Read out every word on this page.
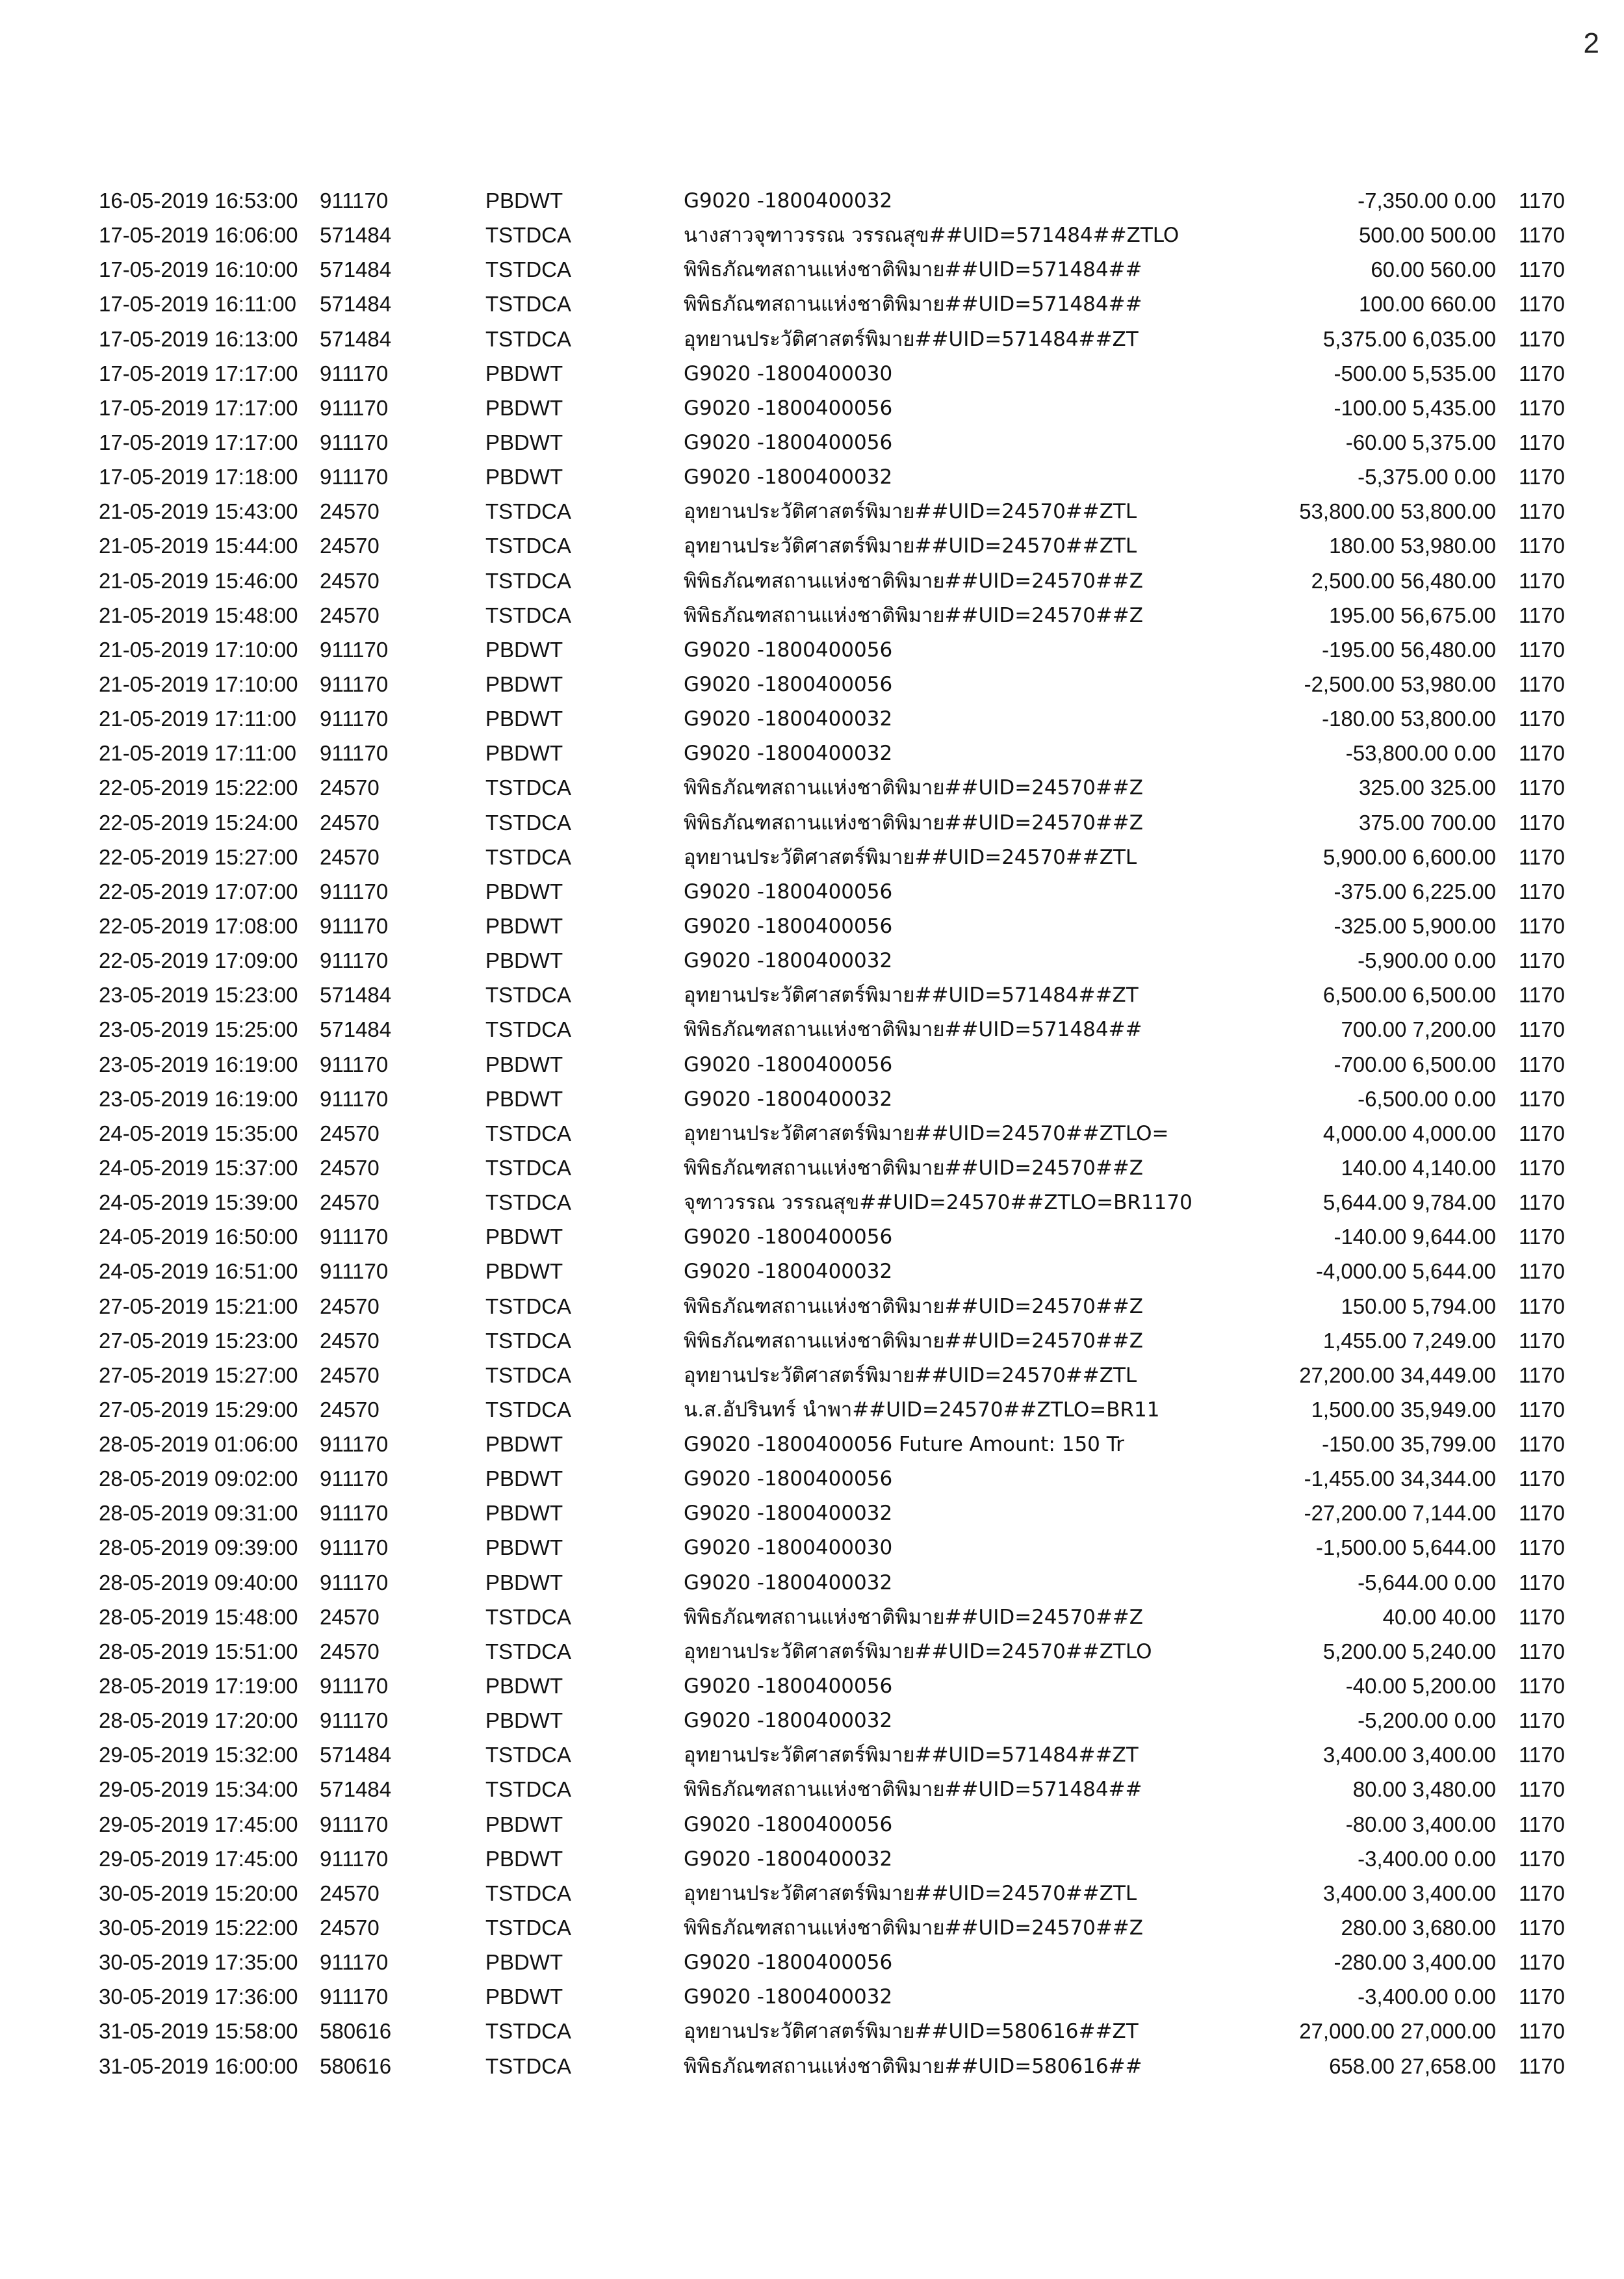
2
16-05-2019 16:53:00	911170	PBDWT	G9020 -1800400032	-7,350.00 0.00 1170
17-05-2019 16:06:00	571484	TSTDCA	นางสาวจุฑาวรรณ วรรณสุข##UID=571484##ZTLO	500.00 500.00 1170
17-05-2019 16:10:00	571484	TSTDCA	พิพิธภัณฑสถานแห่งชาติพิมาย##UID=571484##	60.00 560.00 1170
17-05-2019 16:11:00	571484	TSTDCA	พิพิธภัณฑสถานแห่งชาติพิมาย##UID=571484##	100.00 660.00 1170
17-05-2019 16:13:00	571484	TSTDCA	อุทยานประวัติศาสตร์พิมาย##UID=571484##ZT	5,375.00 6,035.00 1170
17-05-2019 17:17:00	911170	PBDWT	G9020 -1800400030	-500.00 5,535.00 1170
17-05-2019 17:17:00	911170	PBDWT	G9020 -1800400056	-100.00 5,435.00 1170
17-05-2019 17:17:00	911170	PBDWT	G9020 -1800400056	-60.00 5,375.00 1170
17-05-2019 17:18:00	911170	PBDWT	G9020 -1800400032	-5,375.00 0.00 1170
21-05-2019 15:43:00	24570	TSTDCA	อุทยานประวัติศาสตร์พิมาย##UID=24570##ZTL	53,800.00 53,800.00 1170
21-05-2019 15:44:00	24570	TSTDCA	อุทยานประวัติศาสตร์พิมาย##UID=24570##ZTL	180.00 53,980.00 1170
21-05-2019 15:46:00	24570	TSTDCA	พิพิธภัณฑสถานแห่งชาติพิมาย##UID=24570##Z	2,500.00 56,480.00 1170
21-05-2019 15:48:00	24570	TSTDCA	พิพิธภัณฑสถานแห่งชาติพิมาย##UID=24570##Z	195.00 56,675.00 1170
21-05-2019 17:10:00	911170	PBDWT	G9020 -1800400056	-195.00 56,480.00 1170
21-05-2019 17:10:00	911170	PBDWT	G9020 -1800400056	-2,500.00 53,980.00 1170
21-05-2019 17:11:00	911170	PBDWT	G9020 -1800400032	-180.00 53,800.00 1170
21-05-2019 17:11:00	911170	PBDWT	G9020 -1800400032	-53,800.00 0.00 1170
22-05-2019 15:22:00	24570	TSTDCA	พิพิธภัณฑสถานแห่งชาติพิมาย##UID=24570##Z	325.00 325.00 1170
22-05-2019 15:24:00	24570	TSTDCA	พิพิธภัณฑสถานแห่งชาติพิมาย##UID=24570##Z	375.00 700.00 1170
22-05-2019 15:27:00	24570	TSTDCA	อุทยานประวัติศาสตร์พิมาย##UID=24570##ZTL	5,900.00 6,600.00 1170
22-05-2019 17:07:00	911170	PBDWT	G9020 -1800400056	-375.00 6,225.00 1170
22-05-2019 17:08:00	911170	PBDWT	G9020 -1800400056	-325.00 5,900.00 1170
22-05-2019 17:09:00	911170	PBDWT	G9020 -1800400032	-5,900.00 0.00 1170
23-05-2019 15:23:00	571484	TSTDCA	อุทยานประวัติศาสตร์พิมาย##UID=571484##ZT	6,500.00 6,500.00 1170
23-05-2019 15:25:00	571484	TSTDCA	พิพิธภัณฑสถานแห่งชาติพิมาย##UID=571484##	700.00 7,200.00 1170
23-05-2019 16:19:00	911170	PBDWT	G9020 -1800400056	-700.00 6,500.00 1170
23-05-2019 16:19:00	911170	PBDWT	G9020 -1800400032	-6,500.00 0.00 1170
24-05-2019 15:35:00	24570	TSTDCA	อุทยานประวัติศาสตร์พิมาย##UID=24570##ZTLO=	4,000.00 4,000.00 1170
24-05-2019 15:37:00	24570	TSTDCA	พิพิธภัณฑสถานแห่งชาติพิมาย##UID=24570##Z	140.00 4,140.00 1170
24-05-2019 15:39:00	24570	TSTDCA	จุฑาวรรณ วรรณสุข##UID=24570##ZTLO=BR1170	5,644.00 9,784.00 1170
24-05-2019 16:50:00	911170	PBDWT	G9020 -1800400056	-140.00 9,644.00 1170
24-05-2019 16:51:00	911170	PBDWT	G9020 -1800400032	-4,000.00 5,644.00 1170
27-05-2019 15:21:00	24570	TSTDCA	พิพิธภัณฑสถานแห่งชาติพิมาย##UID=24570##Z	150.00 5,794.00 1170
27-05-2019 15:23:00	24570	TSTDCA	พิพิธภัณฑสถานแห่งชาติพิมาย##UID=24570##Z	1,455.00 7,249.00 1170
27-05-2019 15:27:00	24570	TSTDCA	อุทยานประวัติศาสตร์พิมาย##UID=24570##ZTL	27,200.00 34,449.00 1170
27-05-2019 15:29:00	24570	TSTDCA	น.ส.อัปรินทร์ นำพา##UID=24570##ZTLO=BR11	1,500.00 35,949.00 1170
28-05-2019 01:06:00	911170	PBDWT	G9020 -1800400056 Future Amount: 150 Tr	-150.00 35,799.00 1170
28-05-2019 09:02:00	911170	PBDWT	G9020 -1800400056	-1,455.00 34,344.00 1170
28-05-2019 09:31:00	911170	PBDWT	G9020 -1800400032	-27,200.00 7,144.00 1170
28-05-2019 09:39:00	911170	PBDWT	G9020 -1800400030	-1,500.00 5,644.00 1170
28-05-2019 09:40:00	911170	PBDWT	G9020 -1800400032	-5,644.00 0.00 1170
28-05-2019 15:48:00	24570	TSTDCA	พิพิธภัณฑสถานแห่งชาติพิมาย##UID=24570##Z	40.00 40.00 1170
28-05-2019 15:51:00	24570	TSTDCA	อุทยานประวัติศาสตร์พิมาย##UID=24570##ZTLO	5,200.00 5,240.00 1170
28-05-2019 17:19:00	911170	PBDWT	G9020 -1800400056	-40.00 5,200.00 1170
28-05-2019 17:20:00	911170	PBDWT	G9020 -1800400032	-5,200.00 0.00 1170
29-05-2019 15:32:00	571484	TSTDCA	อุทยานประวัติศาสตร์พิมาย##UID=571484##ZT	3,400.00 3,400.00 1170
29-05-2019 15:34:00	571484	TSTDCA	พิพิธภัณฑสถานแห่งชาติพิมาย##UID=571484##	80.00 3,480.00 1170
29-05-2019 17:45:00	911170	PBDWT	G9020 -1800400056	-80.00 3,400.00 1170
29-05-2019 17:45:00	911170	PBDWT	G9020 -1800400032	-3,400.00 0.00 1170
30-05-2019 15:20:00	24570	TSTDCA	อุทยานประวัติศาสตร์พิมาย##UID=24570##ZTL	3,400.00 3,400.00 1170
30-05-2019 15:22:00	24570	TSTDCA	พิพิธภัณฑสถานแห่งชาติพิมาย##UID=24570##Z	280.00 3,680.00 1170
30-05-2019 17:35:00	911170	PBDWT	G9020 -1800400056	-280.00 3,400.00 1170
30-05-2019 17:36:00	911170	PBDWT	G9020 -1800400032	-3,400.00 0.00 1170
31-05-2019 15:58:00	580616	TSTDCA	อุทยานประวัติศาสตร์พิมาย##UID=580616##ZT	27,000.00 27,000.00 1170
31-05-2019 16:00:00	580616	TSTDCA	พิพิธภัณฑสถานแห่งชาติพิมาย##UID=580616##	658.00 27,658.00 1170
